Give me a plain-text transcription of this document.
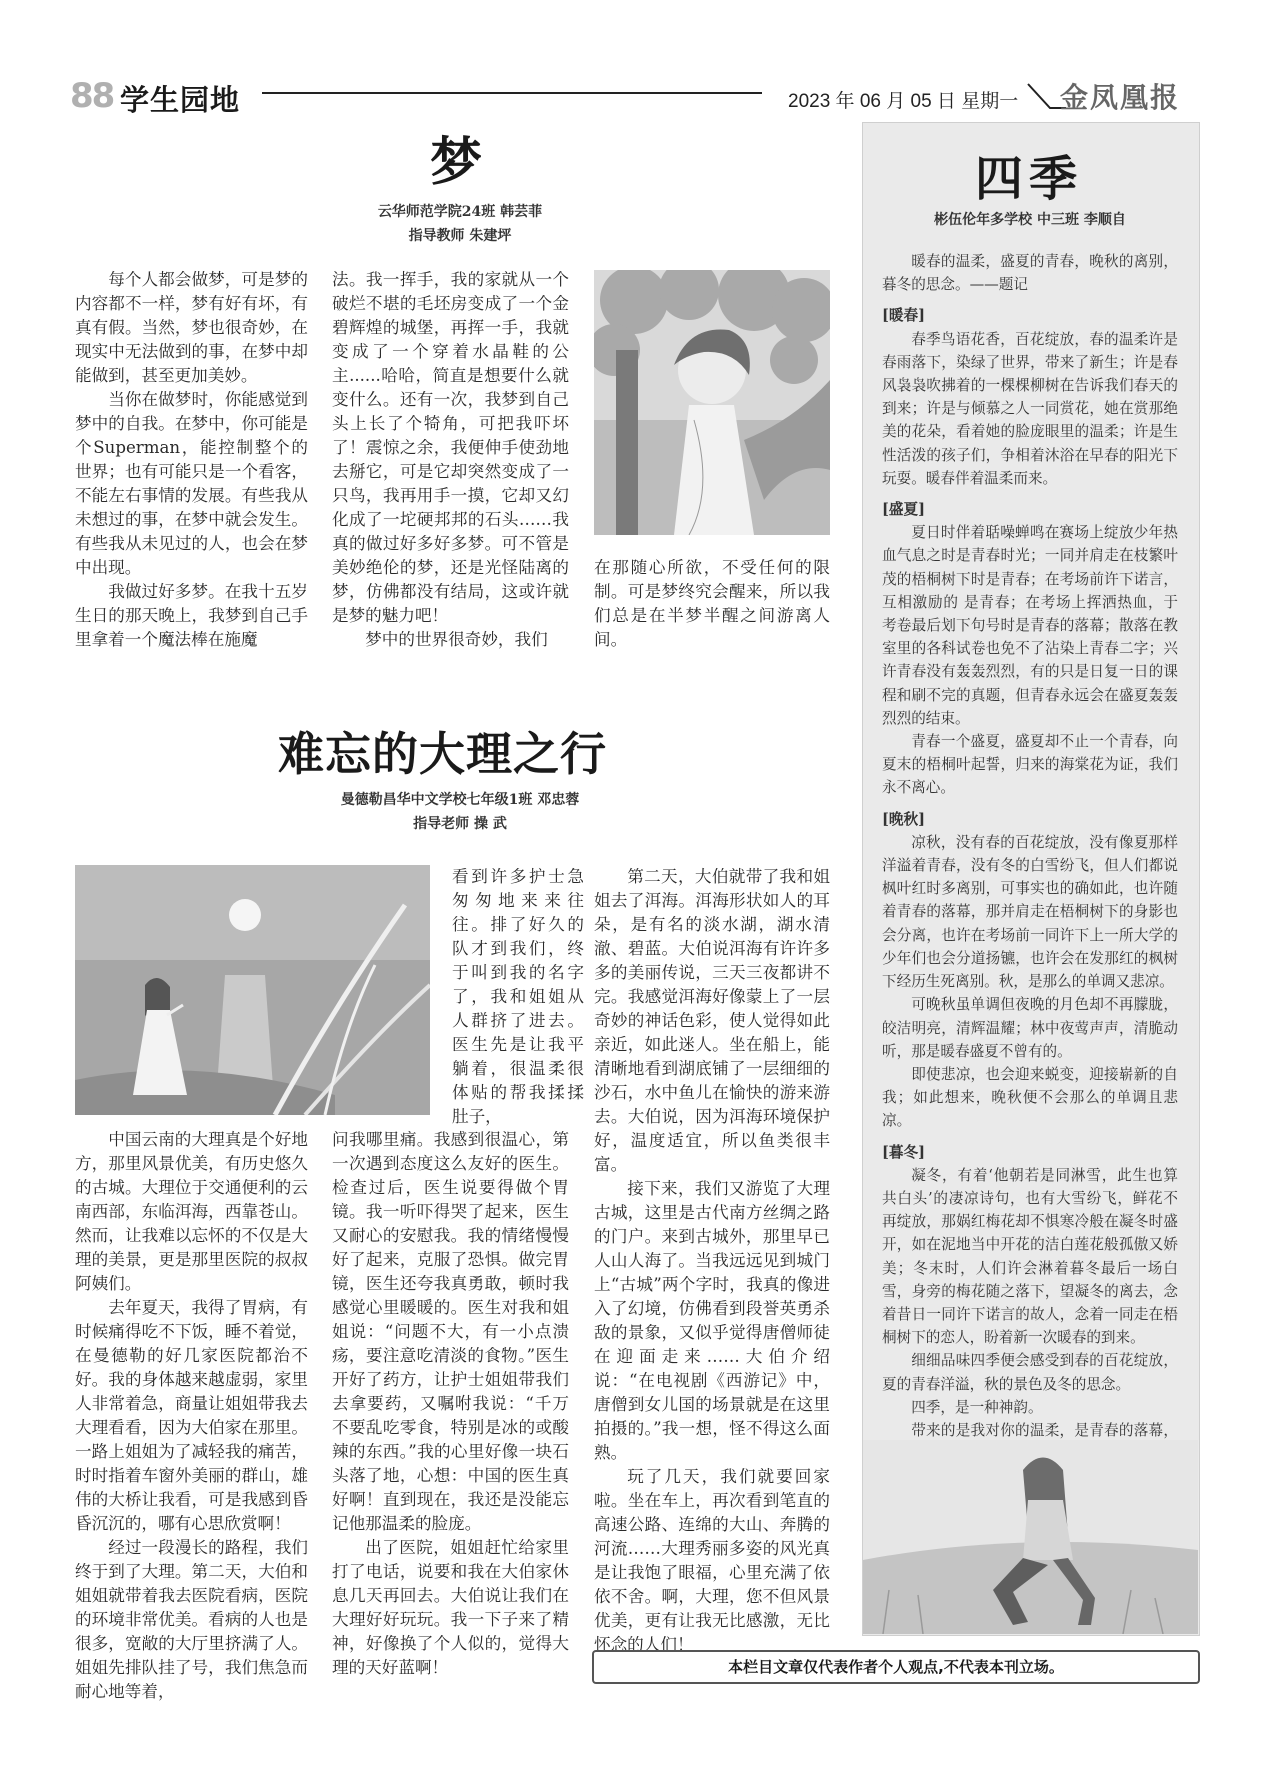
88 学生园地	2023 年 06 月 05 日 星期一 金凤凰报
梦
云华师范学院24班 韩芸菲
指导教师 朱建坪

每个人都会做梦，可是梦的内容都不一样，梦有好有坏，有真有假。当然，梦也很奇妙，在现实中无法做到的事，在梦中却能做到，甚至更加美妙。

当你在做梦时，你能感觉到梦中的自我。在梦中，你可能是个Superman，能控制整个的世界；也有可能只是一个看客，不能左右事情的发展。有些我从未想过的事，在梦中就会发生。有些我从未见过的人，也会在梦中出现。

我做过好多梦。在我十五岁生日的那天晚上，我梦到自己手里拿着一个魔法棒在施魔

法。我一挥手，我的家就从一个破烂不堪的毛坯房变成了一个金碧辉煌的城堡，再挥一手，我就变成了一个穿着水晶鞋的公主......哈哈，简直是想要什么就变什么。还有一次，我梦到自己头上长了个犄角，可把我吓坏了！震惊之余，我便伸手使劲地去掰它，可是它却突然变成了一只鸟，我再用手一摸，它却又幻化成了一坨硬邦邦的石头……我真的做过好多好多梦。可不管是美妙绝伦的梦，还是光怪陆离的梦，仿佛都没有结局，这或许就是梦的魅力吧！

梦中的世界很奇妙，我们

在那随心所欲，不受任何的限制。可是梦终究会醒来，所以我们总是在半梦半醒之间游离人间。

难忘的大理之行
曼德勒昌华中文学校七年级1班 邓忠蓉
指导老师 操 武

看到许多护士急匆匆地来来往往。排了好久的队才到我们，终于叫到我的名字了，我和姐姐从人群挤了进去。医生先是让我平躺着，很温柔很体贴的帮我揉揉肚子，

中国云南的大理真是个好地方，那里风景优美，有历史悠久的古城。大理位于交通便利的云南西部，东临洱海，西靠苍山。然而，让我难以忘怀的不仅是大理的美景，更是那里医院的叔叔阿姨们。

去年夏天，我得了胃病，有时候痛得吃不下饭，睡不着觉，在曼德勒的好几家医院都治不好。我的身体越来越虚弱，家里人非常着急，商量让姐姐带我去大理看看，因为大伯家在那里。一路上姐姐为了减轻我的痛苦，时时指着车窗外美丽的群山，雄伟的大桥让我看，可是我感到昏昏沉沉的，哪有心思欣赏啊！

经过一段漫长的路程，我们终于到了大理。第二天，大伯和姐姐就带着我去医院看病，医院的环境非常优美。看病的人也是很多，宽敞的大厅里挤满了人。姐姐先排队挂了号，我们焦急而耐心地等着，

问我哪里痛。我感到很温心，第一次遇到态度这么友好的医生。检查过后，医生说要得做个胃镜。我一听吓得哭了起来，医生又耐心的安慰我。我的情绪慢慢好了起来，克服了恐惧。做完胃镜，医生还夸我真勇敢，顿时我感觉心里暖暖的。医生对我和姐姐说：“问题不大，有一小点溃疡，要注意吃清淡的食物。”医生开好了药方，让护士姐姐带我们去拿要药，又嘱咐我说：“千万不要乱吃零食，特别是冰的或酸辣的东西。”我的心里好像一块石头落了地，心想：中国的医生真好啊！直到现在，我还是没能忘记他那温柔的脸庞。

出了医院，姐姐赶忙给家里打了电话，说要和我在大伯家休息几天再回去。大伯说让我们在大理好好玩玩。我一下子来了精神，好像换了个人似的，觉得大理的天好蓝啊！

第二天，大伯就带了我和姐姐去了洱海。洱海形状如人的耳朵，是有名的淡水湖，湖水清澈、碧蓝。大伯说洱海有许许多多的美丽传说，三天三夜都讲不完。我感觉洱海好像蒙上了一层奇妙的神话色彩，使人觉得如此亲近，如此迷人。坐在船上，能清晰地看到湖底铺了一层细细的沙石，水中鱼儿在愉快的游来游去。大伯说，因为洱海环境保护好，温度适宜，所以鱼类很丰富。

接下来，我们又游览了大理古城，这里是古代南方丝绸之路的门户。来到古城外，那里早已人山人海了。当我远远见到城门上“古城”两个字时，我真的像进入了幻境，仿佛看到段誉英勇杀敌的景象，又似乎觉得唐僧师徒在迎面走来……大伯介绍说：“在电视剧《西游记》中，唐僧到女儿国的场景就是在这里拍摄的。”我一想，怪不得这么面熟。

玩了几天，我们就要回家啦。坐在车上，再次看到笔直的高速公路、连绵的大山、奔腾的河流……大理秀丽多姿的风光真是让我饱了眼福，心里充满了依依不舍。啊，大理，您不但风景优美，更有让我无比感激，无比怀念的人们！

四季
彬伍伦年多学校 中三班 李顺自

暖春的温柔，盛夏的青春，晚秋的离别，暮冬的思念。——题记

[暖春]

春季鸟语花香，百花绽放，春的温柔许是春雨落下，染绿了世界，带来了新生；许是春风袅袅吹拂着的一棵棵柳树在告诉我们春天的到来；许是与倾慕之人一同赏花，她在赏那绝美的花朵，看着她的脸庞眼里的温柔；许是生性活泼的孩子们，争相着沐浴在早春的阳光下玩耍。暖春伴着温柔而来。

[盛夏]

夏日时伴着聒噪蝉鸣在赛场上绽放少年热血气息之时是青春时光；一同并肩走在枝繁叶茂的梧桐树下时是青春；在考场前许下诺言，互相激励的 是青春；在考场上挥洒热血，于考卷最后划下句号时是青春的落幕；散落在教室里的各科试卷也免不了沾染上青春二字；兴许青春没有轰轰烈烈，有的只是日复一日的课程和刷不完的真题，但青春永远会在盛夏轰轰烈烈的结束。

青春一个盛夏，盛夏却不止一个青春，向夏末的梧桐叶起誓，归来的海棠花为证，我们永不离心。

[晚秋]

凉秋，没有春的百花绽放，没有像夏那样洋溢着青春，没有冬的白雪纷飞，但人们都说枫叶红时多离别，可事实也的确如此，也许随着青春的落幕，那并肩走在梧桐树下的身影也会分离，也许在考场前一同许下上一所大学的少年们也会分道扬镳，也许会在发那红的枫树下经历生死离别。秋，是那么的单调又悲凉。

可晚秋虽单调但夜晚的月色却不再朦胧，皎洁明亮，清辉温耀；林中夜莺声声，清脆动听，那是暖春盛夏不曾有的。

即使悲凉，也会迎来蜕变，迎接崭新的自我；如此想来，晚秋便不会那么的单调且悲凉。

[暮冬]

凝冬，有着‘他朝若是同淋雪，此生也算共白头’的凄凉诗句，也有大雪纷飞，鲜花不再绽放，那娲红梅花却不惧寒冷般在凝冬时盛开，如在泥地当中开花的洁白莲花般孤傲又娇美；冬末时，人们许会淋着暮冬最后一场白雪，身旁的梅花随之落下，望凝冬的离去，念着昔日一同许下诺言的故人，念着一同走在梧桐树下的恋人，盼着新一次暖春的到来。

细细品味四季便会感受到春的百花绽放，夏的青春洋溢，秋的景色及冬的思念。

四季，是一种神韵。

带来的是我对你的温柔，是青春的落幕，

本栏目文章仅代表作者个人观点,不代表本刊立场。
